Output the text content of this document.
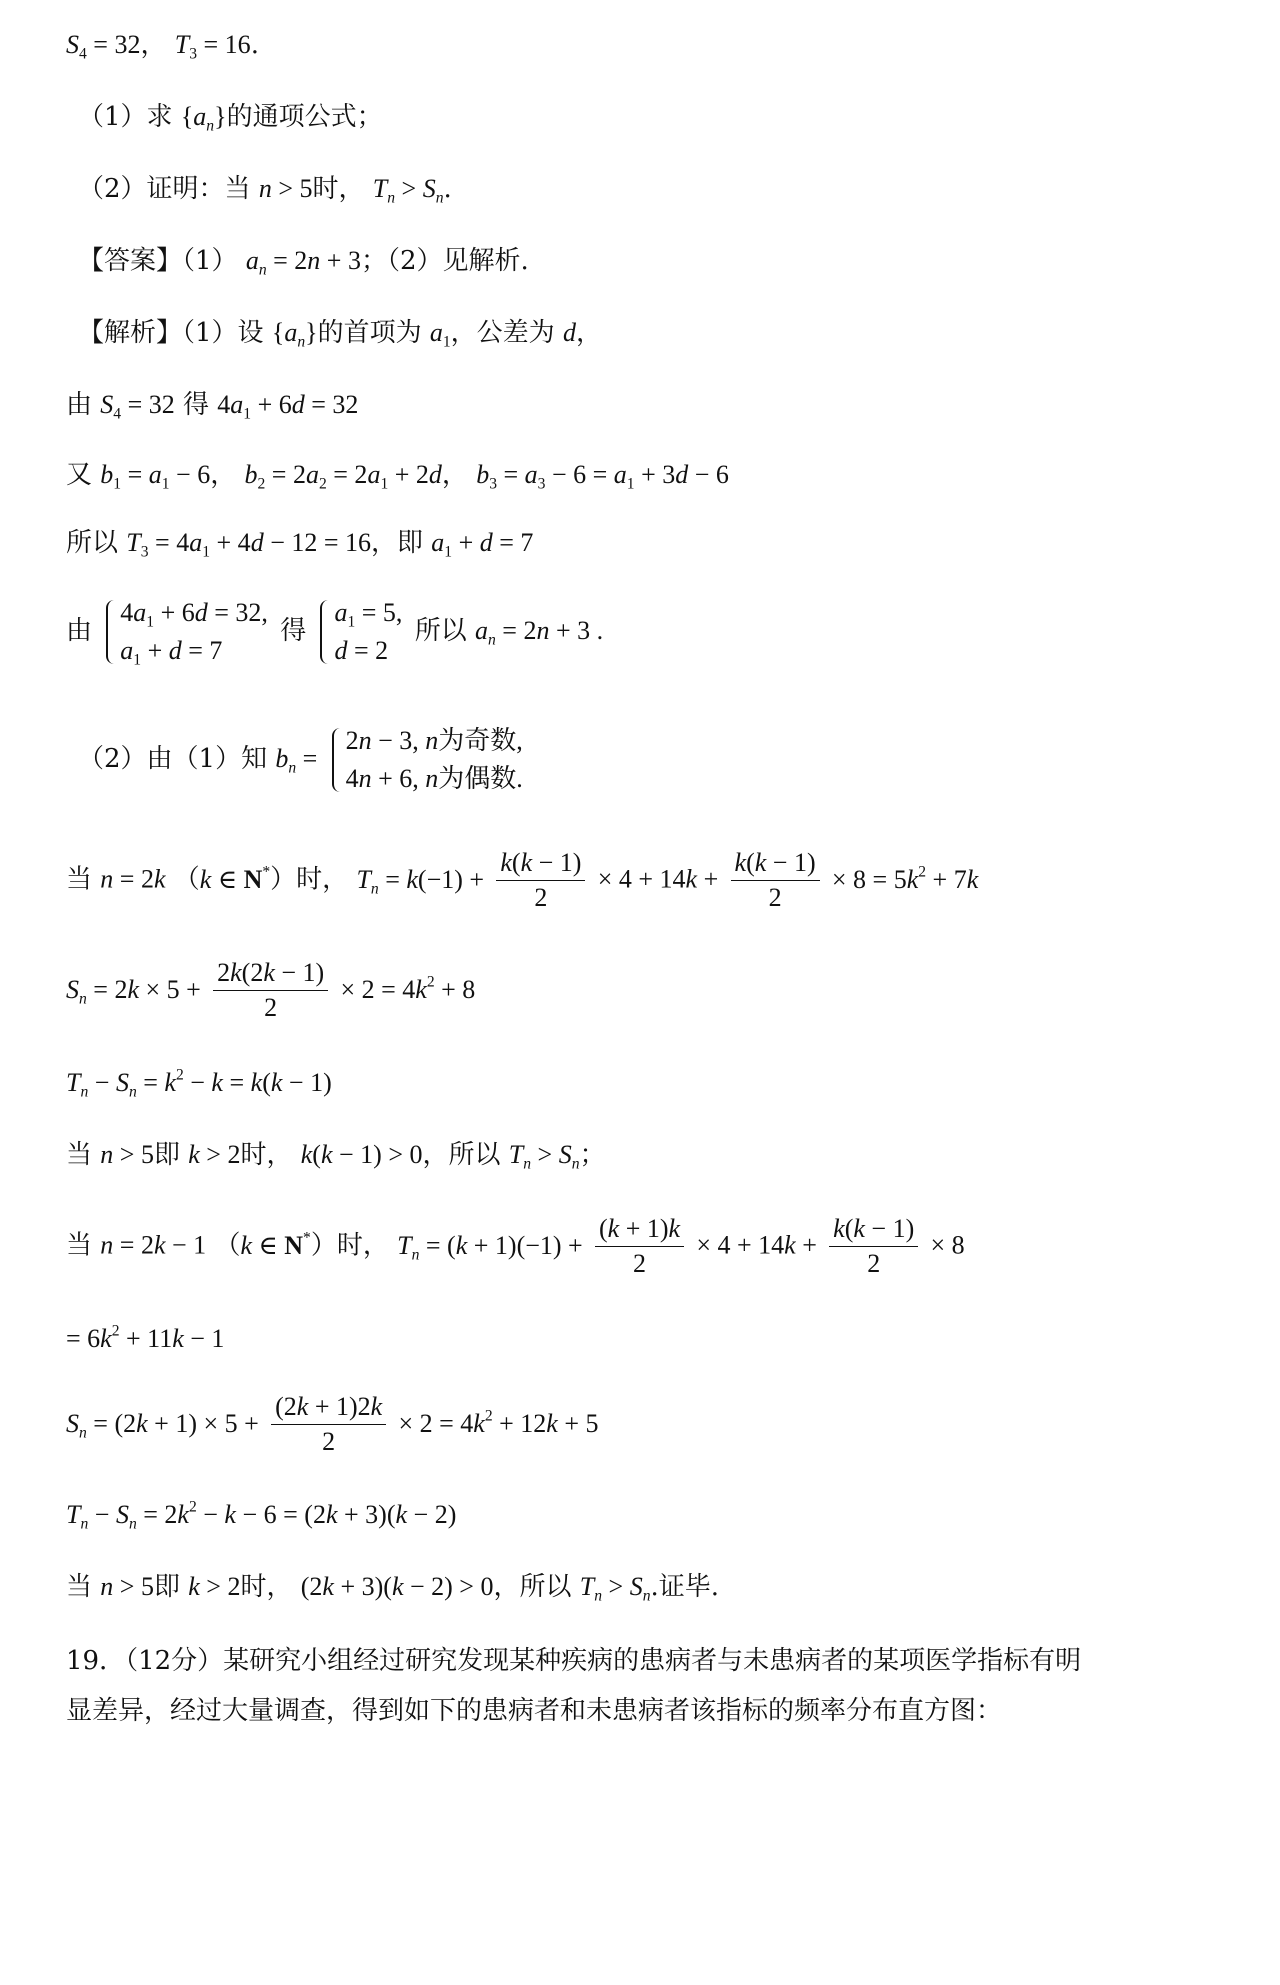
$S_4 = 32$， $T_3 = 16$.
（1）求 $\{a_n\}$的通项公式；
（2）证明：当 n > 5时， $T_n > S_n$.
【答案】（1） $a_n = 2n + 3$；（2）见解析.
【解析】（1）设 $\{a_n\}$的首项为 $a_1$，公差为 d，
由 $S_4 = 32$ 得 $4a_1 + 6d = 32$
又 $b_1 = a_1 - 6$， $b_2 = 2a_2 = 2a_1 + 2d$， $b_3 = a_3 - 6 = a_1 + 3d - 6$
所以 $T_3 = 4a_1 + 4d - 12 = 16$，即 $a_1 + d = 7$
由
$4a_1 + 6d = 32$,
$a_1 + d = 7$
得
$a_1 = 5$,
d = 2
所以 $a_n = 2n + 3$ .
（2）由（1）知 $b_n$ =
2n − 3, n为奇数,
4n + 6, n为偶数.
当 n = 2k （k ∈ N*）时， $T_n = k(-1) + \frac{k(k - 1)}{2} \times 4 + 14k + \frac{k(k - 1)}{2} \times 8 = 5k^2 + 7k$
$S_n = 2k \times 5 + \frac{2k(2k - 1)}{2} \times 2 = 4k^2 + 8$
$T_n - S_n = k^2 - k = k(k - 1)$
当 n > 5即 k > 2时， k(k − 1) > 0，所以 $T_n > S_n$；
当 n = 2k − 1 （k ∈ N*）时， $T_n = (k + 1)(-1) + \frac{(k + 1)k}{2} \times 4 + 14k + \frac{k(k - 1)}{2} \times 8$
= $6k^2 + 11k - 1$
$S_n = (2k + 1) \times 5 + \frac{(2k + 1)2k}{2} \times 2 = 4k^2 + 12k + 5$
$T_n - S_n = 2k^2 - k - 6 = (2k + 3)(k - 2)$
当 n > 5即 k > 2时， (2k + 3)(k − 2) > 0，所以 $T_n > S_n$.证毕.
19．（12分）某研究小组经过研究发现某种疾病的患病者与未患病者的某项医学指标有明
显差异，经过大量调查，得到如下的患病者和未患病者该指标的频率分布直方图：
